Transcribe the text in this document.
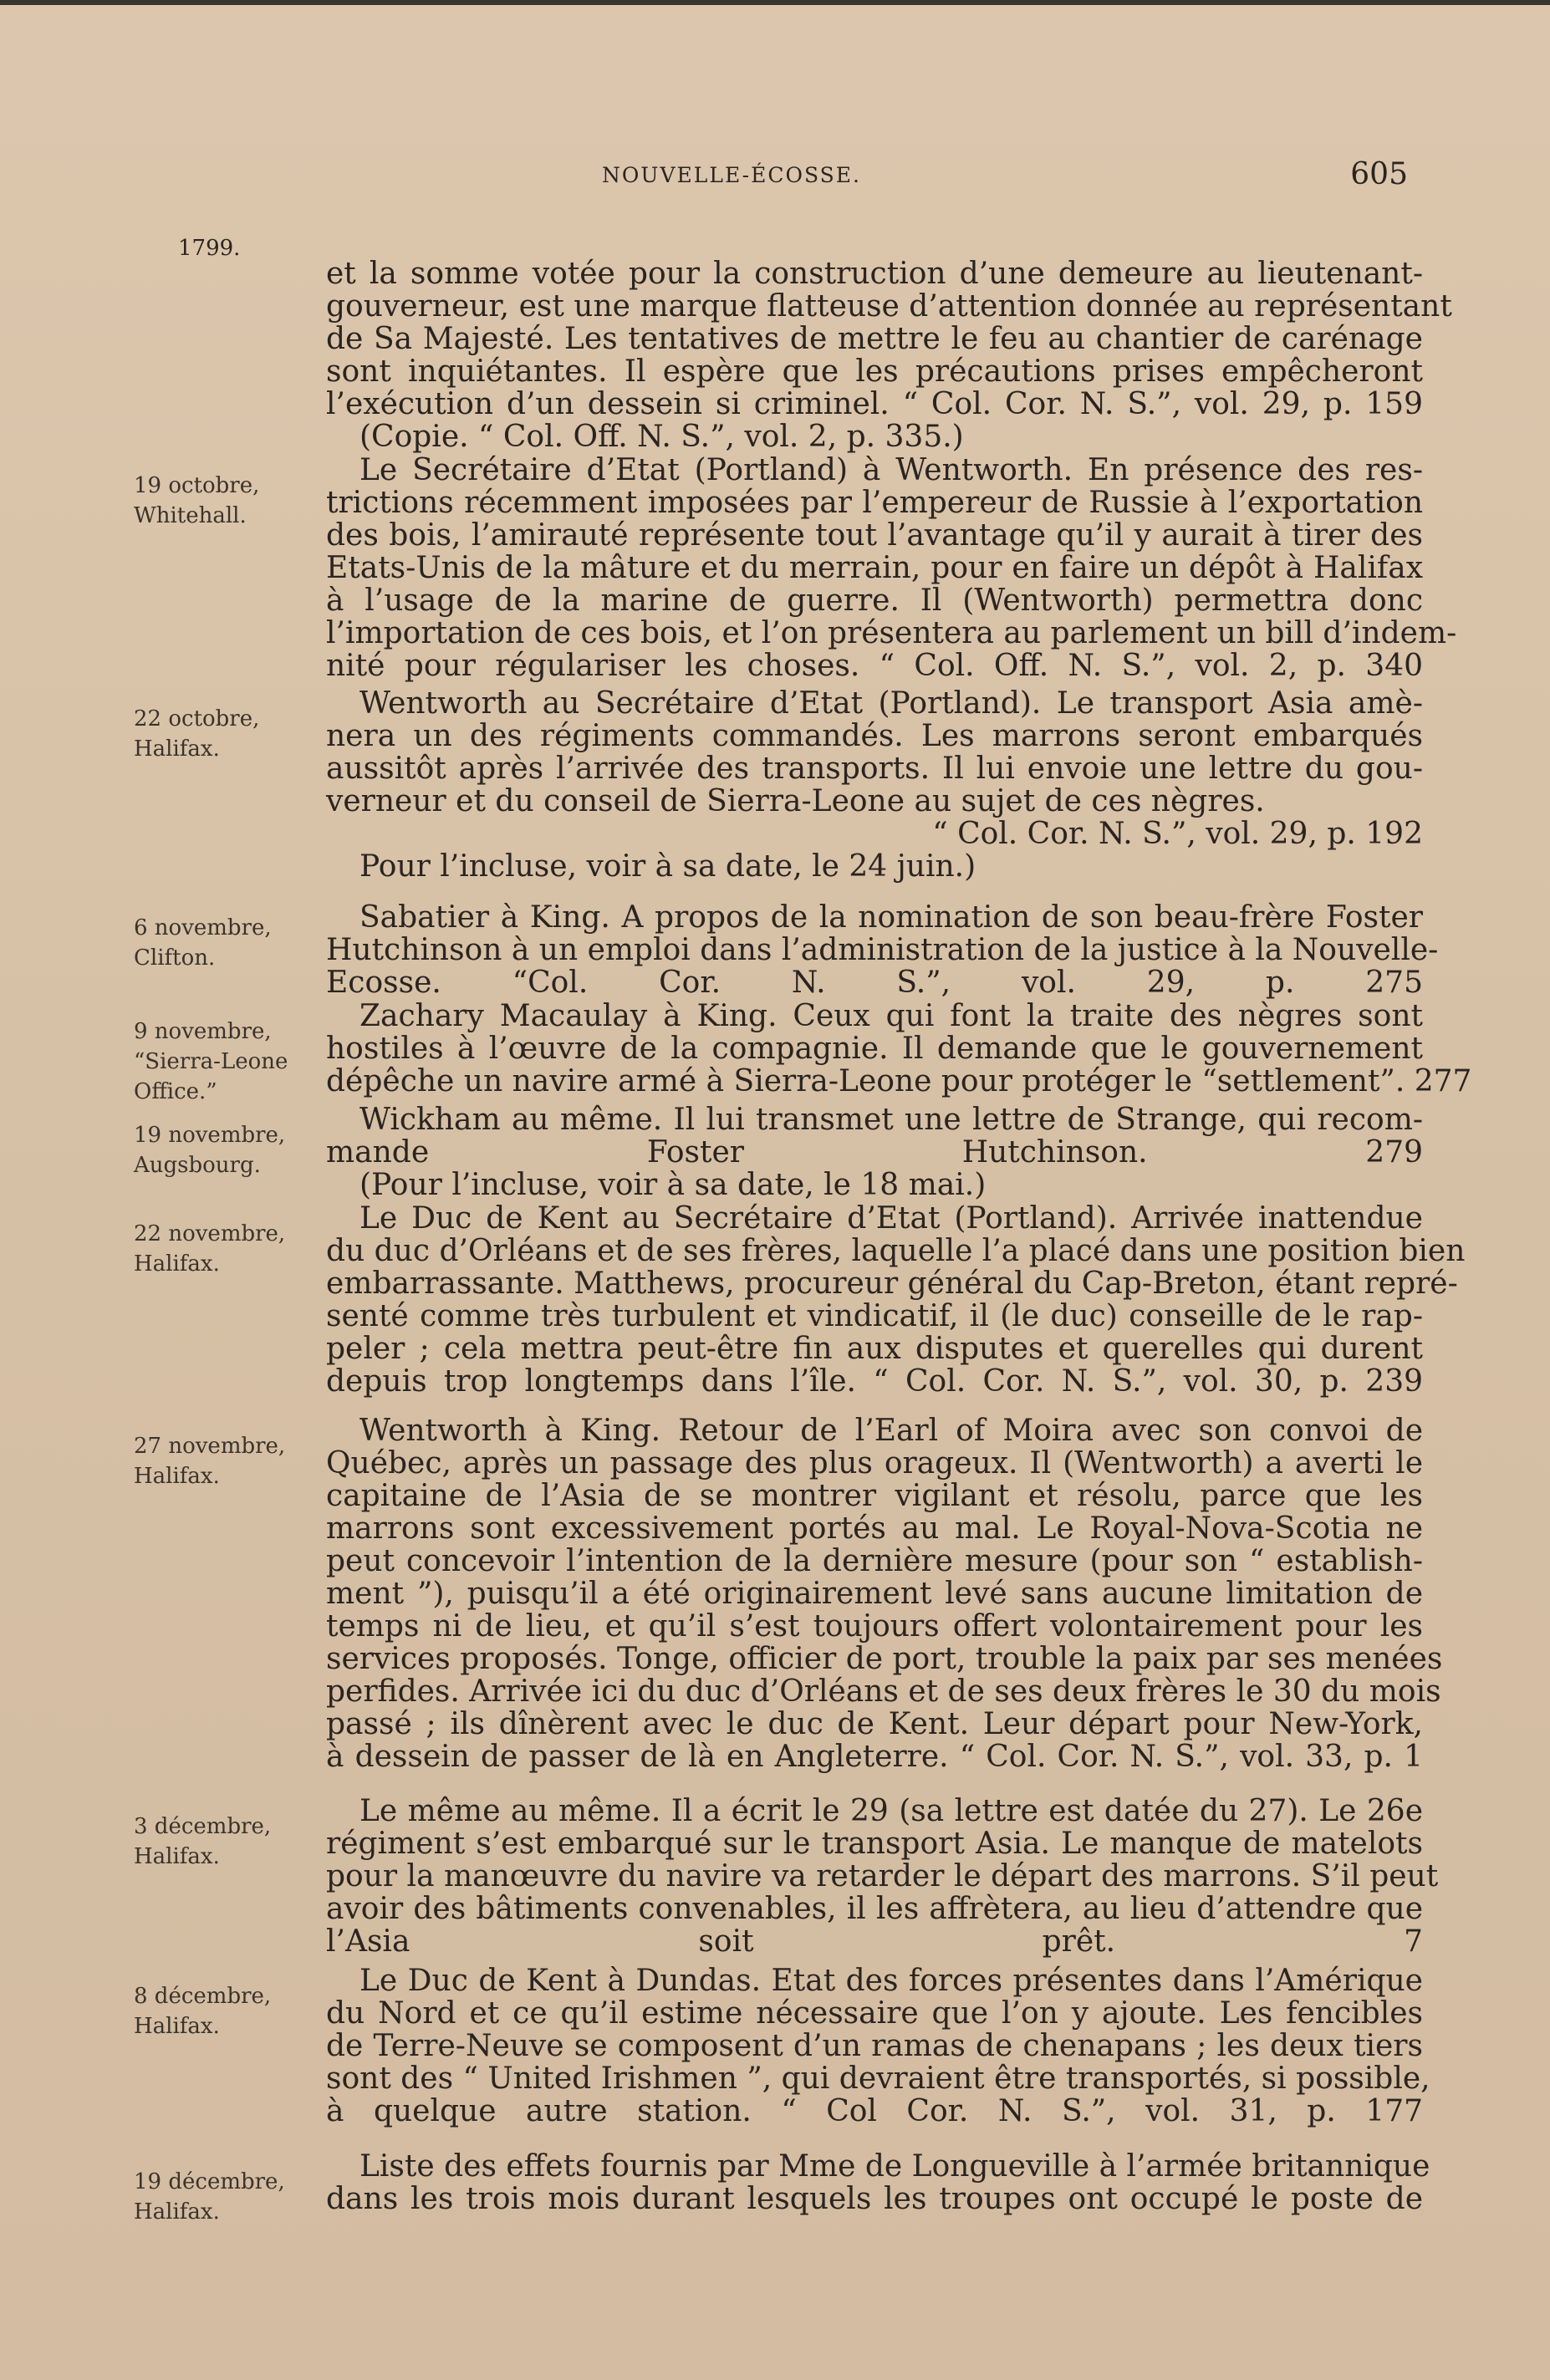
NOUVELLE-ÉCOSSE.	605
1799.
et la somme votée pour la construction d’une demeure au lieutenant-
gouverneur, est une marque flatteuse d’attention donnée au représentant
de Sa Majesté. Les tentatives de mettre le feu au chantier de carénage
sont inquiétantes. Il espère que les précautions prises empêcheront
l’exécution d’un dessein si criminel. “ Col. Cor. N. S.”, vol. 29, p. 159
(Copie. “ Col. Off. N. S.”, vol. 2, p. 335.)
19 octobre,
Whitehall.
Le Secrétaire d’Etat (Portland) à Wentworth. En présence des res-
trictions récemment imposées par l’empereur de Russie à l’exportation
des bois, l’amirauté représente tout l’avantage qu’il y aurait à tirer des
Etats-Unis de la mâture et du merrain, pour en faire un dépôt à Halifax
à l’usage de la marine de guerre. Il (Wentworth) permettra donc
l’importation de ces bois, et l’on présentera au parlement un bill d’indem-
nité pour régulariser les choses. “ Col. Off. N. S.”, vol. 2, p. 340
22 octobre,
Halifax.
Wentworth au Secrétaire d’Etat (Portland). Le transport Asia amè-
nera un des régiments commandés. Les marrons seront embarqués
aussitôt après l’arrivée des transports. Il lui envoie une lettre du gou-
verneur et du conseil de Sierra-Leone au sujet de ces nègres.
“ Col. Cor. N. S.”, vol. 29, p. 192
Pour l’incluse, voir à sa date, le 24 juin.)
6 novembre,
Clifton.
Sabatier à King. A propos de la nomination de son beau-frère Foster
Hutchinson à un emploi dans l’administration de la justice à la Nouvelle-
Ecosse. “Col. Cor. N. S.”, vol. 29, p. 275
9 novembre,
“Sierra-Leone Office.”
Zachary Macaulay à King. Ceux qui font la traite des nègres sont
hostiles à l’œuvre de la compagnie. Il demande que le gouvernement
dépêche un navire armé à Sierra-Leone pour protéger le “settlement”. 277
19 novembre,
Augsbourg.
Wickham au même. Il lui transmet une lettre de Strange, qui recom-
mande Foster Hutchinson. 279
(Pour l’incluse, voir à sa date, le 18 mai.)
22 novembre,
Halifax.
Le Duc de Kent au Secrétaire d’Etat (Portland). Arrivée inattendue
du duc d’Orléans et de ses frères, laquelle l’a placé dans une position bien
embarrassante. Matthews, procureur général du Cap-Breton, étant repré-
senté comme très turbulent et vindicatif, il (le duc) conseille de le rap-
peler ; cela mettra peut-être fin aux disputes et querelles qui durent
depuis trop longtemps dans l’île. “ Col. Cor. N. S.”, vol. 30, p. 239
27 novembre,
Halifax.
Wentworth à King. Retour de l’Earl of Moira avec son convoi de
Québec, après un passage des plus orageux. Il (Wentworth) a averti le
capitaine de l’Asia de se montrer vigilant et résolu, parce que les
marrons sont excessivement portés au mal. Le Royal-Nova-Scotia ne
peut concevoir l’intention de la dernière mesure (pour son “ establish-
ment ”), puisqu’il a été originairement levé sans aucune limitation de
temps ni de lieu, et qu’il s’est toujours offert volontairement pour les
services proposés. Tonge, officier de port, trouble la paix par ses menées
perfides. Arrivée ici du duc d’Orléans et de ses deux frères le 30 du mois
passé ; ils dînèrent avec le duc de Kent. Leur départ pour New-York,
à dessein de passer de là en Angleterre. “ Col. Cor. N. S.”, vol. 33, p. 1
3 décembre,
Halifax.
Le même au même. Il a écrit le 29 (sa lettre est datée du 27). Le 26e
régiment s’est embarqué sur le transport Asia. Le manque de matelots
pour la manœuvre du navire va retarder le départ des marrons. S’il peut
avoir des bâtiments convenables, il les affrètera, au lieu d’attendre que
l’Asia soit prêt. 7
8 décembre,
Halifax.
Le Duc de Kent à Dundas. Etat des forces présentes dans l’Amérique
du Nord et ce qu’il estime nécessaire que l’on y ajoute. Les fencibles
de Terre-Neuve se composent d’un ramas de chenapans ; les deux tiers
sont des “ United Irishmen ”, qui devraient être transportés, si possible,
à quelque autre station. “ Col Cor. N. S.”, vol. 31, p. 177
19 décembre,
Halifax.
Liste des effets fournis par Mme de Longueville à l’armée britannique
dans les trois mois durant lesquels les troupes ont occupé le poste de
